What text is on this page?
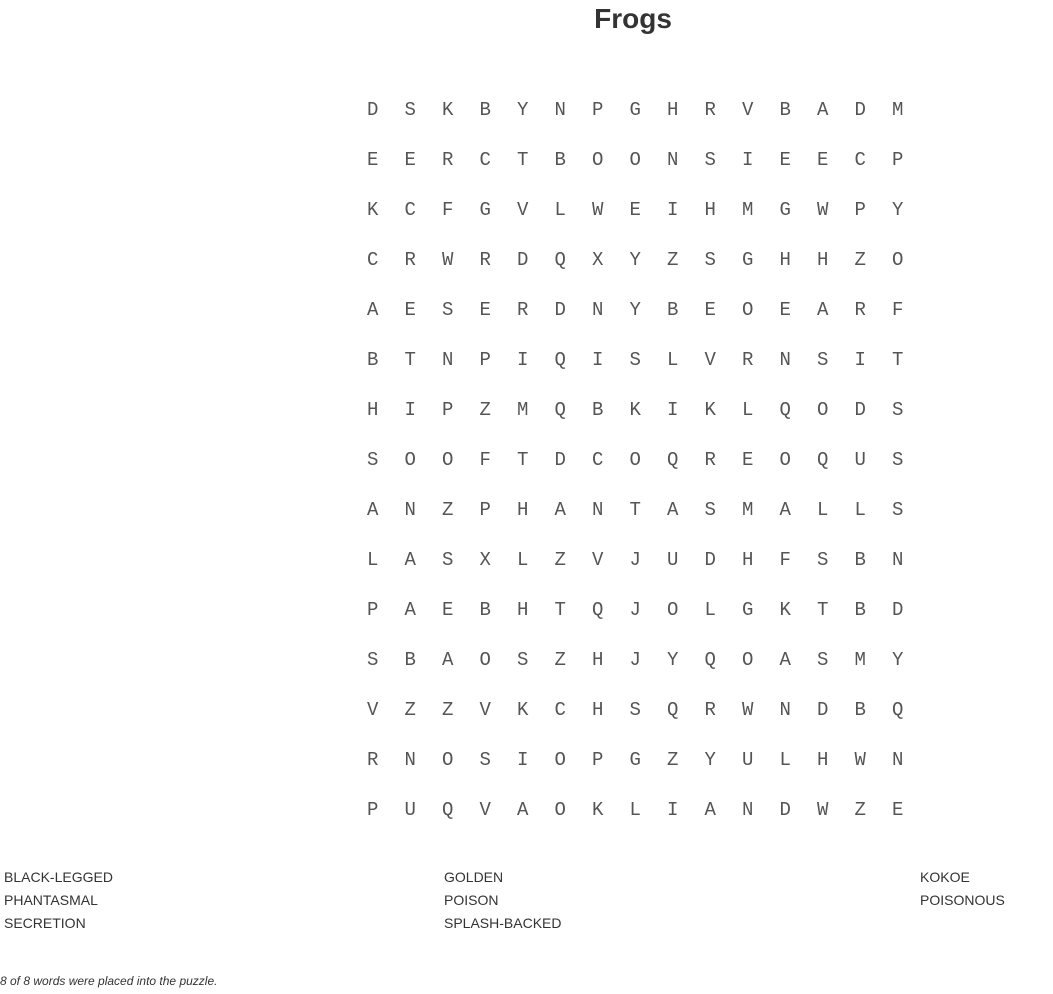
Frogs
D	S	K	B	Y	N	P	G	H	R	V	B	A	D	M
E	E	R	C	T	B	O	O	N	S	I	E	E	C	P
K	C	F	G	V	L	W	E	I	H	M	G	W	P	Y
C	R	W	R	D	Q	X	Y	Z	S	G	H	H	Z	O
A	E	S	E	R	D	N	Y	B	E	O	E	A	R	F
B	T	N	P	I	Q	I	S	L	V	R	N	S	I	T
H	I	P	Z	M	Q	B	K	I	K	L	Q	O	D	S
S	O	O	F	T	D	C	O	Q	R	E	O	Q	U	S
A	N	Z	P	H	A	N	T	A	S	M	A	L	L	S
L	A	S	X	L	Z	V	J	U	D	H	F	S	B	N
P	A	E	B	H	T	Q	J	O	L	G	K	T	B	D
S	B	A	O	S	Z	H	J	Y	Q	O	A	S	M	Y
V	Z	Z	V	K	C	H	S	Q	R	W	N	D	B	Q
R	N	O	S	I	O	P	G	Z	Y	U	L	H	W	N
P	U	Q	V	A	O	K	L	I	A	N	D	W	Z	E
BLACK-LEGGED
PHANTASMAL
SECRETION
GOLDEN
POISON
SPLASH-BACKED
KOKOE
POISONOUS
8 of 8 words were placed into the puzzle.
